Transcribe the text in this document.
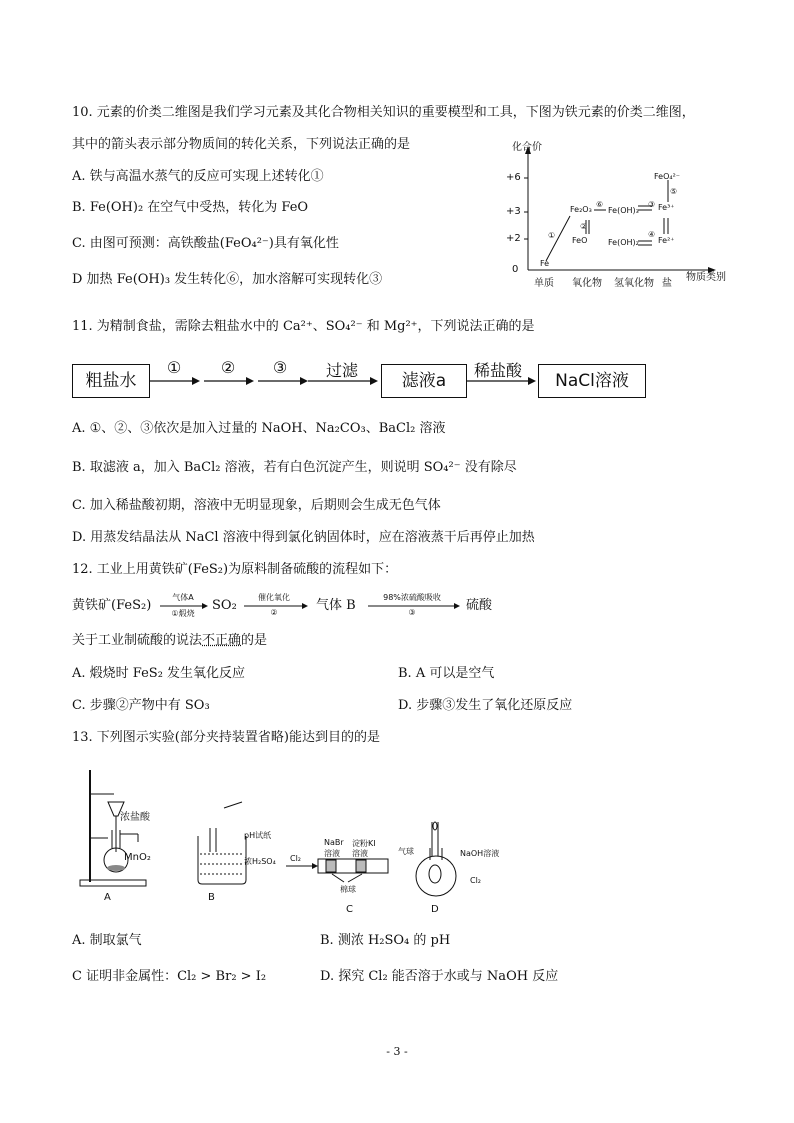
10. 元素的价类二维图是我们学习元素及其化合物相关知识的重要模型和工具，下图为铁元素的价类二维图，
其中的箭头表示部分物质间的转化关系，下列说法正确的是
A. 铁与高温水蒸气的反应可实现上述转化①
B. Fe(OH)₂ 在空气中受热，转化为 FeO
C. 由图可预测：高铁酸盐(FeO₄²⁻)具有氧化性
D 加热 Fe(OH)₃ 发生转化⑥，加水溶解可实现转化③
化合价
+6
+3
+2
0
单质 氧化物 氢氧化物 盐
物质类别
Fe
Fe₂O₃
FeO
Fe(OH)₃
Fe(OH)₂
Fe³⁺
Fe²⁺
FeO₄²⁻
①
②
③
④
⑤
⑥
11. 为精制食盐，需除去粗盐水中的 Ca²⁺、SO₄²⁻ 和 Mg²⁺，下列说法正确的是
粗盐水	滤液a	NaCl溶液
①	②	③	过滤	稀盐酸
A. ①、②、③依次是加入过量的 NaOH、Na₂CO₃、BaCl₂ 溶液
B. 取滤液 a，加入 BaCl₂ 溶液，若有白色沉淀产生，则说明 SO₄²⁻ 没有除尽
C. 加入稀盐酸初期，溶液中无明显现象，后期则会生成无色气体
D. 用蒸发结晶法从 NaCl 溶液中得到氯化钠固体时，应在溶液蒸干后再停止加热
12. 工业上用黄铁矿(FeS₂)为原料制备硫酸的流程如下：
黄铁矿(FeS₂)
气体A
①煅烧
SO₂
催化氧化
②	气体 B
98%浓硫酸吸收
③	硫酸
关于工业制硫酸的说法不正确的是
A. 煅烧时 FeS₂ 发生氧化反应	B. A 可以是空气
C. 步骤②产物中有 SO₃	D. 步骤③发生了氧化还原反应
13. 下列图示实验(部分夹持装置省略)能达到目的的是
浓盐酸
MnO₂
A
pH试纸
浓H₂SO₄
B
NaBr
溶液
淀粉KI
溶液
Cl₂
棉球
C
气球	NaOH溶液
Cl₂
D
A. 制取氯气	B. 测浓 H₂SO₄ 的 pH
C 证明非金属性：Cl₂ > Br₂ > I₂	D. 探究 Cl₂ 能否溶于水或与 NaOH 反应
- 3 -
